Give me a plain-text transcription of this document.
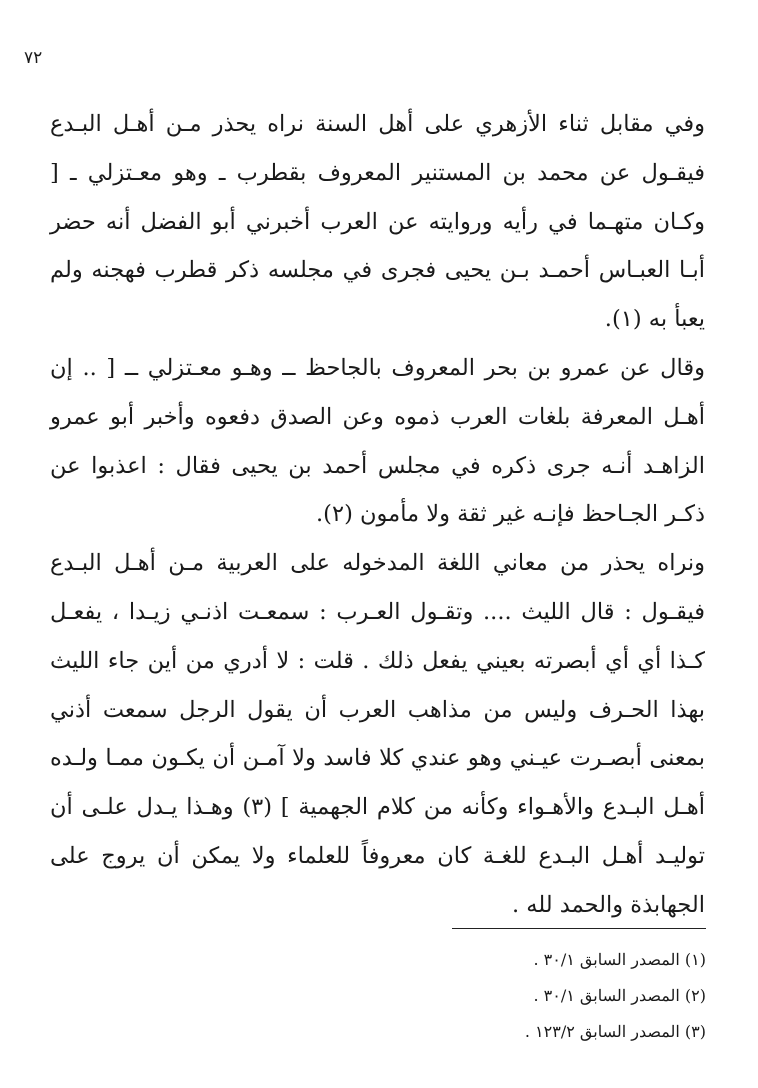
٧٢

وفي مقابل ثناء الأزهري على أهل السنة نراه يحذر مـن أهـل البـدع فيقـول عن محمد بن المستنير المعروف بقطرب ـ وهو معـتزلي ـ [ وكـان متهـما في رأيه وروايته عن العرب أخبرني أبو الفضل أنه حضر أبـا العبـاس أحمـد بـن يحيى فجرى في مجلسه ذكر قطرب فهجنه ولم يعبأ به (١).

وقال عن عمرو بن بحر المعروف بالجاحظ ــ وهـو معـتزلي ــ [ .. إن أهـل المعرفة بلغات العرب ذموه وعن الصدق دفعوه وأخبر أبو عمرو الزاهـد أنـه جرى ذكره في مجلس أحمد بن يحيى فقال : اعذبوا عن ذكـر الجـاحظ فإنـه غير ثقة ولا مأمون (٢).

ونراه يحذر من معاني اللغة المدخوله على العربية مـن أهـل البـدع فيقـول : قال الليث .... وتقـول العـرب : سمعـت اذنـي زيـدا ، يفعـل كـذا أي أي أبصرته بعيني يفعل ذلك . قلت : لا أدري من أين جاء الليث بهذا الحـرف وليس من مذاهب العرب أن يقول الرجل سمعت أذني بمعنى أبصـرت عيـني وهو عندي كلا فاسد ولا آمـن أن يكـون ممـا ولـده أهـل البـدع والأهـواء وكأنه من كلام الجهمية ] (٣) وهـذا يـدل علـى أن توليـد أهـل البـدع للغـة كان معروفاً للعلماء ولا يمكن أن يروج على الجهابذة والحمد لله .

(١) المصدر السابق ٣٠/١ .

(٢) المصدر السابق ٣٠/١ .

(٣) المصدر السابق ١٢٣/٢ .
